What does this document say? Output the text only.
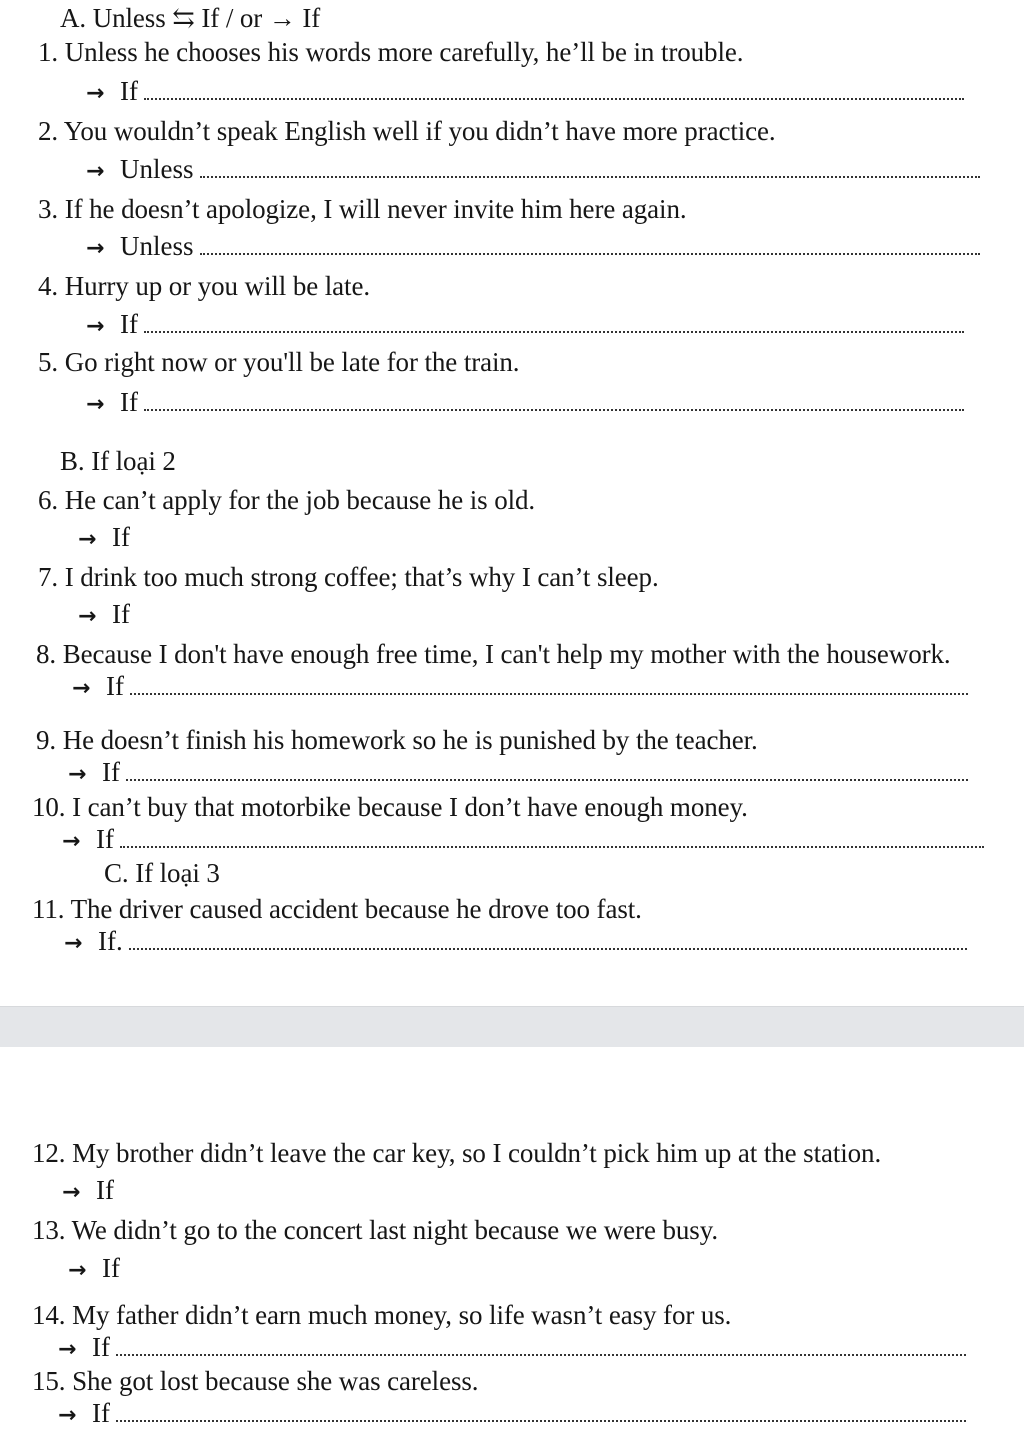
A. Unless ⇆ If / or → If
1. Unless he chooses his words more carefully, he’ll be in trouble.
→ If
2. You wouldn’t speak English well if you didn’t have more practice.
→ Unless
3. If he doesn’t apologize, I will never invite him here again.
→ Unless
4. Hurry up or you will be late.
→ If
5. Go right now or you'll be late for the train.
→ If
B. If loại 2
6. He can’t apply for the job because he is old.
→ If
7. I drink too much strong coffee; that’s why I can’t sleep.
→ If
8. Because I don't have enough free time, I can't help my mother with the housework.
→ If
9. He doesn’t finish his homework so he is punished by the teacher.
→ If
10. I can’t buy that motorbike because I don’t have enough money.
→ If
C. If loại 3
11. The driver caused accident because he drove too fast.
→ If.
12. My brother didn’t leave the car key, so I couldn’t pick him up at the station.
→ If
13. We didn’t go to the concert last night because we were busy.
→ If
14. My father didn’t earn much money, so life wasn’t easy for us.
→ If
15. She got lost because she was careless.
→ If
